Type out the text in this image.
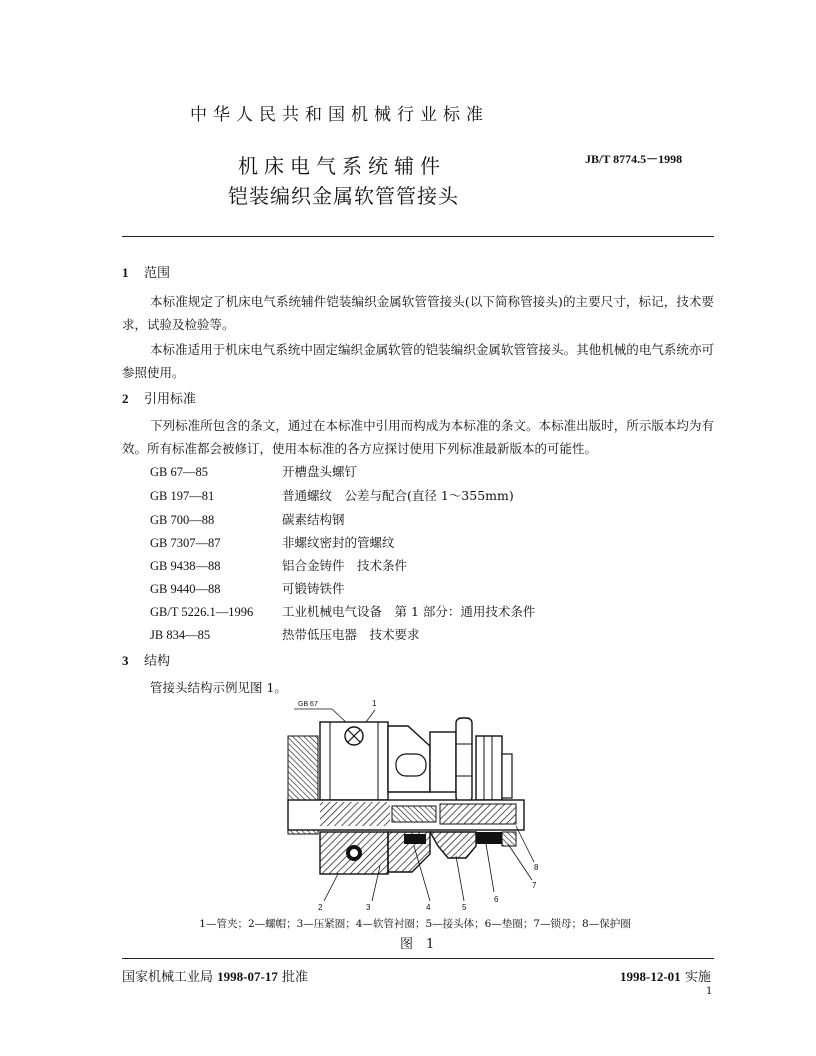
中华人民共和国机械行业标准
机床电气系统辅件
铠装编织金属软管管接头
JB/T 8774.5－1998
1 范围
本标准规定了机床电气系统辅件铠装编织金属软管管接头(以下简称管接头)的主要尺寸，标记，技术要求，试验及检验等。
本标准适用于机床电气系统中固定编织金属软管的铠装编织金属软管管接头。其他机械的电气系统亦可参照使用。
2 引用标准
下列标准所包含的条文，通过在本标准中引用而构成为本标准的条文。本标准出版时，所示版本均为有效。所有标准都会被修订，使用本标准的各方应探讨使用下列标准最新版本的可能性。
GB 67—85	开槽盘头螺钉
GB 197—81	普通螺纹　公差与配合(直径 1～355mm)
GB 700—88	碳素结构钢
GB 7307—87	非螺纹密封的管螺纹
GB 9438—88	铝合金铸件　技术条件
GB 9440—88	可锻铸铁件
GB/T 5226.1—1996 工业机械电气设备　第 1 部分：通用技术条件
JB 834—85	热带低压电器　技术要求
3 结构
管接头结构示例见图 1。
GB 67	1
2	3	4	5
6
7
8
1—管夹；2—螺帽；3—压紧圈；4—软管衬圈；5—接头体；6—垫圈；7—锁母；8—保护圈
图　1
国家机械工业局 1998-07-17 批准	1998-12-01 实施
1
